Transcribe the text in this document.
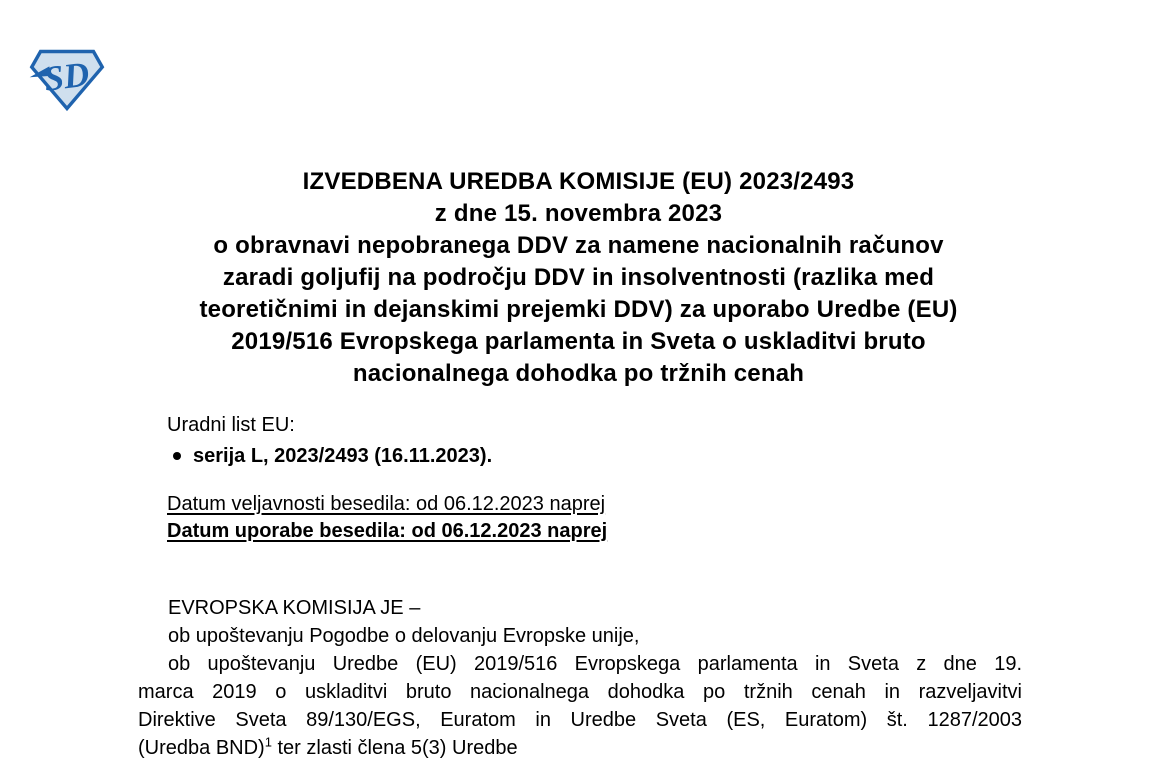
SD
IZVEDBENA UREDBA KOMISIJE (EU) 2023/2493
z dne 15. novembra 2023
o obravnavi nepobranega DDV za namene nacionalnih računov
zaradi goljufij na področju DDV in insolventnosti (razlika med
teoretičnimi in dejanskimi prejemki DDV) za uporabo Uredbe (EU)
2019/516 Evropskega parlamenta in Sveta o uskladitvi bruto
nacionalnega dohodka po tržnih cenah
Uradni list EU:
serija L, 2023/2493 (16.11.2023).
Datum veljavnosti besedila: od 06.12.2023 naprej
Datum uporabe besedila: od 06.12.2023 naprej
EVROPSKA KOMISIJA JE –
ob upoštevanju Pogodbe o delovanju Evropske unije,
ob upoštevanju Uredbe (EU) 2019/516 Evropskega parlamenta in Sveta z dne 19.
marca 2019 o uskladitvi bruto nacionalnega dohodka po tržnih cenah in razveljavitvi
Direktive Sveta 89/130/EGS, Euratom in Uredbe Sveta (ES, Euratom) št. 1287/2003
(Uredba BND)$^1$ ter zlasti člena 5(3) Uredbe
